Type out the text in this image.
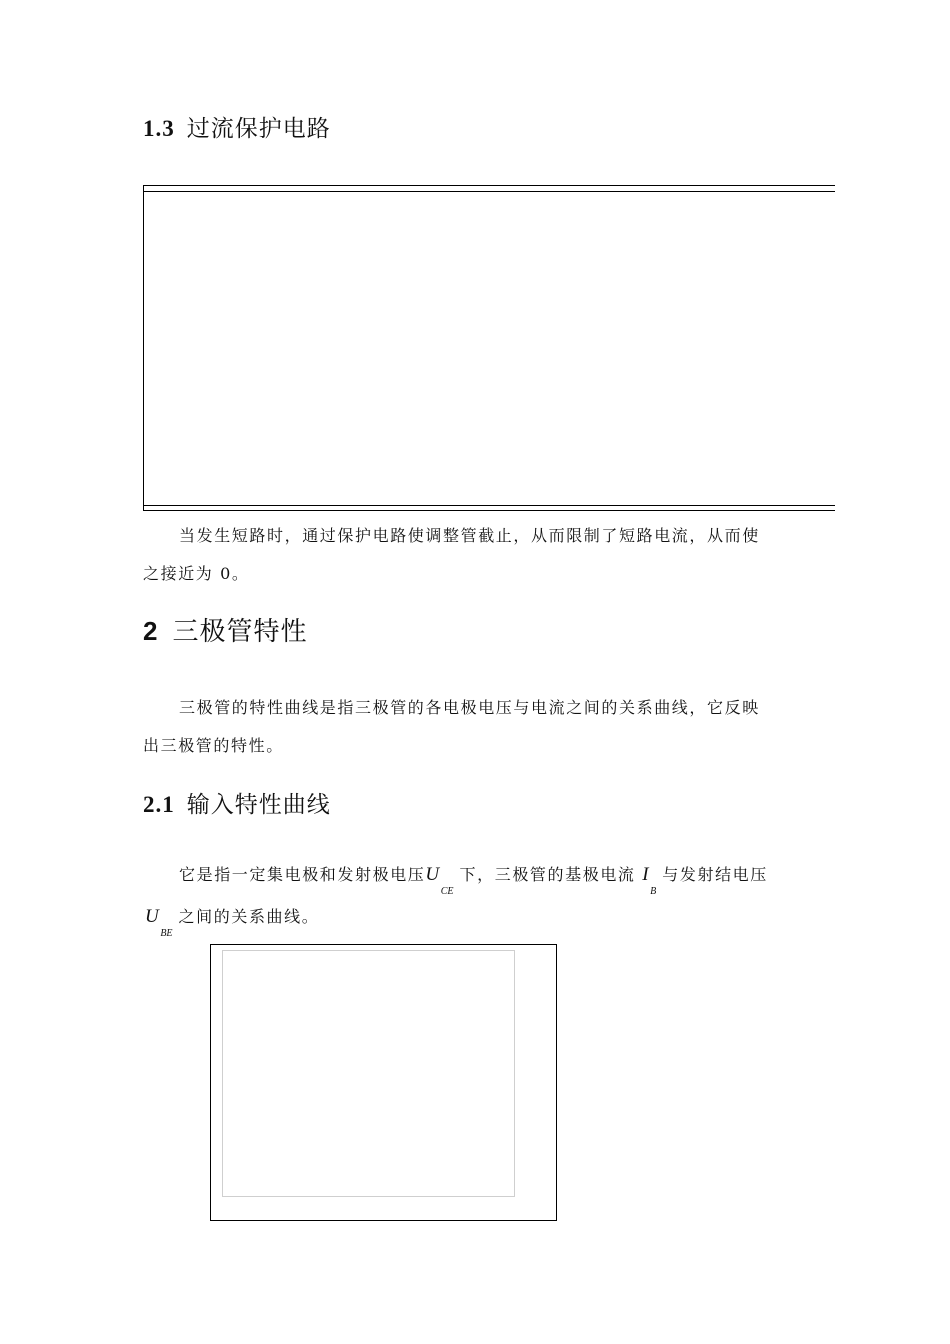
1.3 过流保护电路
当发生短路时，通过保护电路使调整管截止，从而限制了短路电流，从而使
之接近为 0。
2 三极管特性
三极管的特性曲线是指三极管的各电极电压与电流之间的关系曲线，它反映
出三极管的特性。
2.1 输入特性曲线
它是指一定集电极和发射极电压$U_{CE}$下，三极管的基极电流 $I_B$与发射结电压
$U_{BE}$之间的关系曲线。
